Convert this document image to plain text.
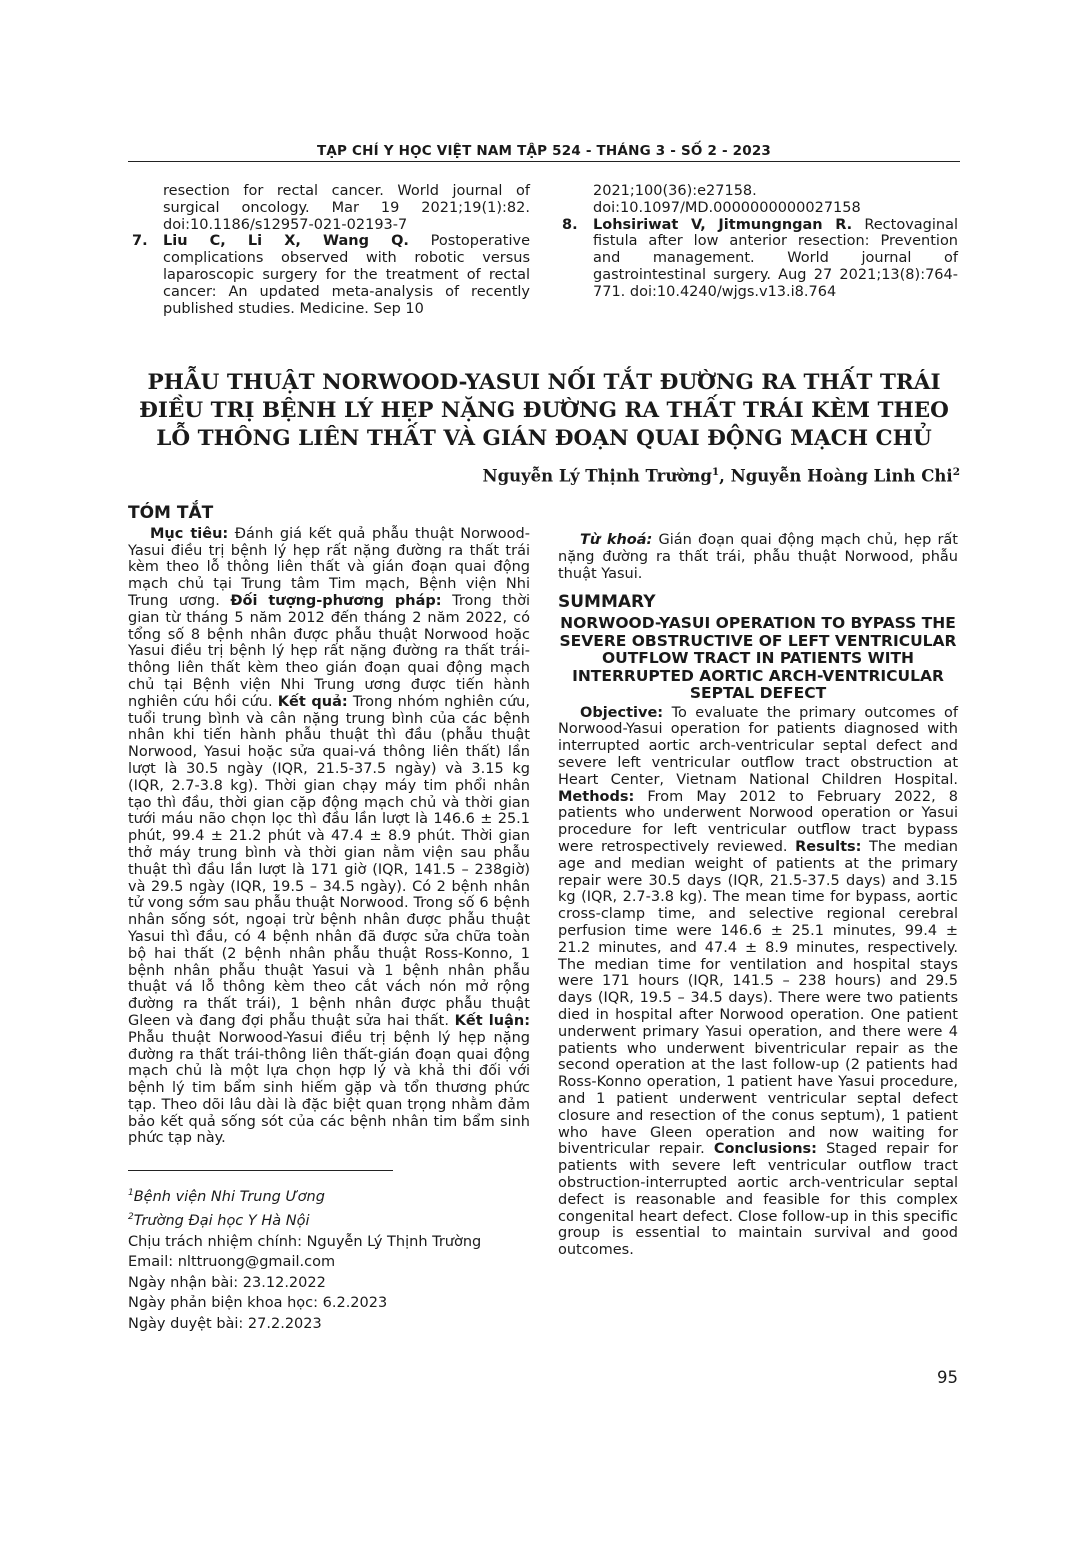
TẠP CHÍ Y HỌC VIỆT NAM TẬP 524 - THÁNG 3 - SỐ 2 - 2023
resection for rectal cancer. World journal of surgical oncology. Mar 19 2021;19(1):82. doi:10.1186/s12957-021-02193-7
7. Liu C, Li X, Wang Q. Postoperative complications observed with robotic versus laparoscopic surgery for the treatment of rectal cancer: An updated meta-analysis of recently published studies. Medicine. Sep 10
2021;100(36):e27158. doi:10.1097/MD.0000000000027158
8. Lohsiriwat V, Jitmungngan R. Rectovaginal fistula after low anterior resection: Prevention and management. World journal of gastrointestinal surgery. Aug 27 2021;13(8):764-771. doi:10.4240/wjgs.v13.i8.764
PHẪU THUẬT NORWOOD-YASUI NỐI TẮT ĐƯỜNG RA THẤT TRÁI
ĐIỀU TRỊ BỆNH LÝ HẸP NẶNG ĐƯỜNG RA THẤT TRÁI KÈM THEO
LỖ THÔNG LIÊN THẤT VÀ GIÁN ĐOẠN QUAI ĐỘNG MẠCH CHỦ
Nguyễn Lý Thịnh Trường$^1$, Nguyễn Hoàng Linh Chi$^2$
TÓM TẮT

Mục tiêu: Đánh giá kết quả phẫu thuật Norwood-Yasui điều trị bệnh lý hẹp rất nặng đường ra thất trái kèm theo lỗ thông liên thất và gián đoạn quai động mạch chủ tại Trung tâm Tim mạch, Bệnh viện Nhi Trung ương. Đối tượng-phương pháp: Trong thời gian từ tháng 5 năm 2012 đến tháng 2 năm 2022, có tổng số 8 bệnh nhân được phẫu thuật Norwood hoặc Yasui điều trị bệnh lý hẹp rất nặng đường ra thất trái-thông liên thất kèm theo gián đoạn quai động mạch chủ tại Bệnh viện Nhi Trung ương được tiến hành nghiên cứu hồi cứu. Kết quả: Trong nhóm nghiên cứu, tuổi trung bình và cân nặng trung bình của các bệnh nhân khi tiến hành phẫu thuật thì đầu (phẫu thuật Norwood, Yasui hoặc sửa quai-vá thông liên thất) lần lượt là 30.5 ngày (IQR, 21.5-37.5 ngày) và 3.15 kg (IQR, 2.7-3.8 kg). Thời gian chạy máy tim phổi nhân tạo thì đầu, thời gian cặp động mạch chủ và thời gian tưới máu não chọn lọc thì đầu lần lượt là 146.6 ± 25.1 phút, 99.4 ± 21.2 phút và 47.4 ± 8.9 phút. Thời gian thở máy trung bình và thời gian nằm viện sau phẫu thuật thì đầu lần lượt là 171 giờ (IQR, 141.5 – 238giờ) và 29.5 ngày (IQR, 19.5 – 34.5 ngày). Có 2 bệnh nhân tử vong sớm sau phẫu thuật Norwood. Trong số 6 bệnh nhân sống sót, ngoại trừ bệnh nhân được phẫu thuật Yasui thì đầu, có 4 bệnh nhân đã được sửa chữa toàn bộ hai thất (2 bệnh nhân phẫu thuật Ross-Konno, 1 bệnh nhân phẫu thuật Yasui và 1 bệnh nhân phẫu thuật vá lỗ thông kèm theo cắt vách nón mở rộng đường ra thất trái), 1 bệnh nhân được phẫu thuật Gleen và đang đợi phẫu thuật sửa hai thất. Kết luận: Phẫu thuật Norwood-Yasui điều trị bệnh lý hẹp nặng đường ra thất trái-thông liên thất-gián đoạn quai động mạch chủ là một lựa chọn hợp lý và khả thi đối với bệnh lý tim bẩm sinh hiếm gặp và tổn thương phức tạp. Theo dõi lâu dài là đặc biệt quan trọng nhằm đảm bảo kết quả sống sót của các bệnh nhân tim bẩm sinh phức tạp này.

Từ khoá: Gián đoạn quai động mạch chủ, hẹp rất nặng đường ra thất trái, phẫu thuật Norwood, phẫu thuật Yasui.

SUMMARY
NORWOOD-YASUI OPERATION TO BYPASS THE SEVERE OBSTRUCTIVE OF LEFT VENTRICULAR OUTFLOW TRACT IN PATIENTS WITH INTERRUPTED AORTIC ARCH-VENTRICULAR SEPTAL DEFECT

Objective: To evaluate the primary outcomes of Norwood-Yasui operation for patients diagnosed with interrupted aortic arch-ventricular septal defect and severe left ventricular outflow tract obstruction at Heart Center, Vietnam National Children Hospital. Methods: From May 2012 to February 2022, 8 patients who underwent Norwood operation or Yasui procedure for left ventricular outflow tract bypass were retrospectively reviewed. Results: The median age and median weight of patients at the primary repair were 30.5 days (IQR, 21.5-37.5 days) and 3.15 kg (IQR, 2.7-3.8 kg). The mean time for bypass, aortic cross-clamp time, and selective regional cerebral perfusion time were 146.6 ± 25.1 minutes, 99.4 ± 21.2 minutes, and 47.4 ± 8.9 minutes, respectively. The median time for ventilation and hospital stays were 171 hours (IQR, 141.5 – 238 hours) and 29.5 days (IQR, 19.5 – 34.5 days). There were two patients died in hospital after Norwood operation. One patient underwent primary Yasui operation, and there were 4 patients who underwent biventricular repair as the second operation at the last follow-up (2 patients had Ross-Konno operation, 1 patient have Yasui procedure, and 1 patient underwent ventricular septal defect closure and resection of the conus septum), 1 patient who have Gleen operation and now waiting for biventricular repair. Conclusions: Staged repair for patients with severe left ventricular outflow tract obstruction-interrupted aortic arch-ventricular septal defect is reasonable and feasible for this complex congenital heart defect. Close follow-up in this specific group is essential to maintain survival and good outcomes.

$^1$Bệnh viện Nhi Trung Ương
$^2$Trường Đại học Y Hà Nội
Chịu trách nhiệm chính: Nguyễn Lý Thịnh Trường
Email: nlttruong@gmail.com
Ngày nhận bài: 23.12.2022
Ngày phản biện khoa học: 6.2.2023
Ngày duyệt bài: 27.2.2023
95
